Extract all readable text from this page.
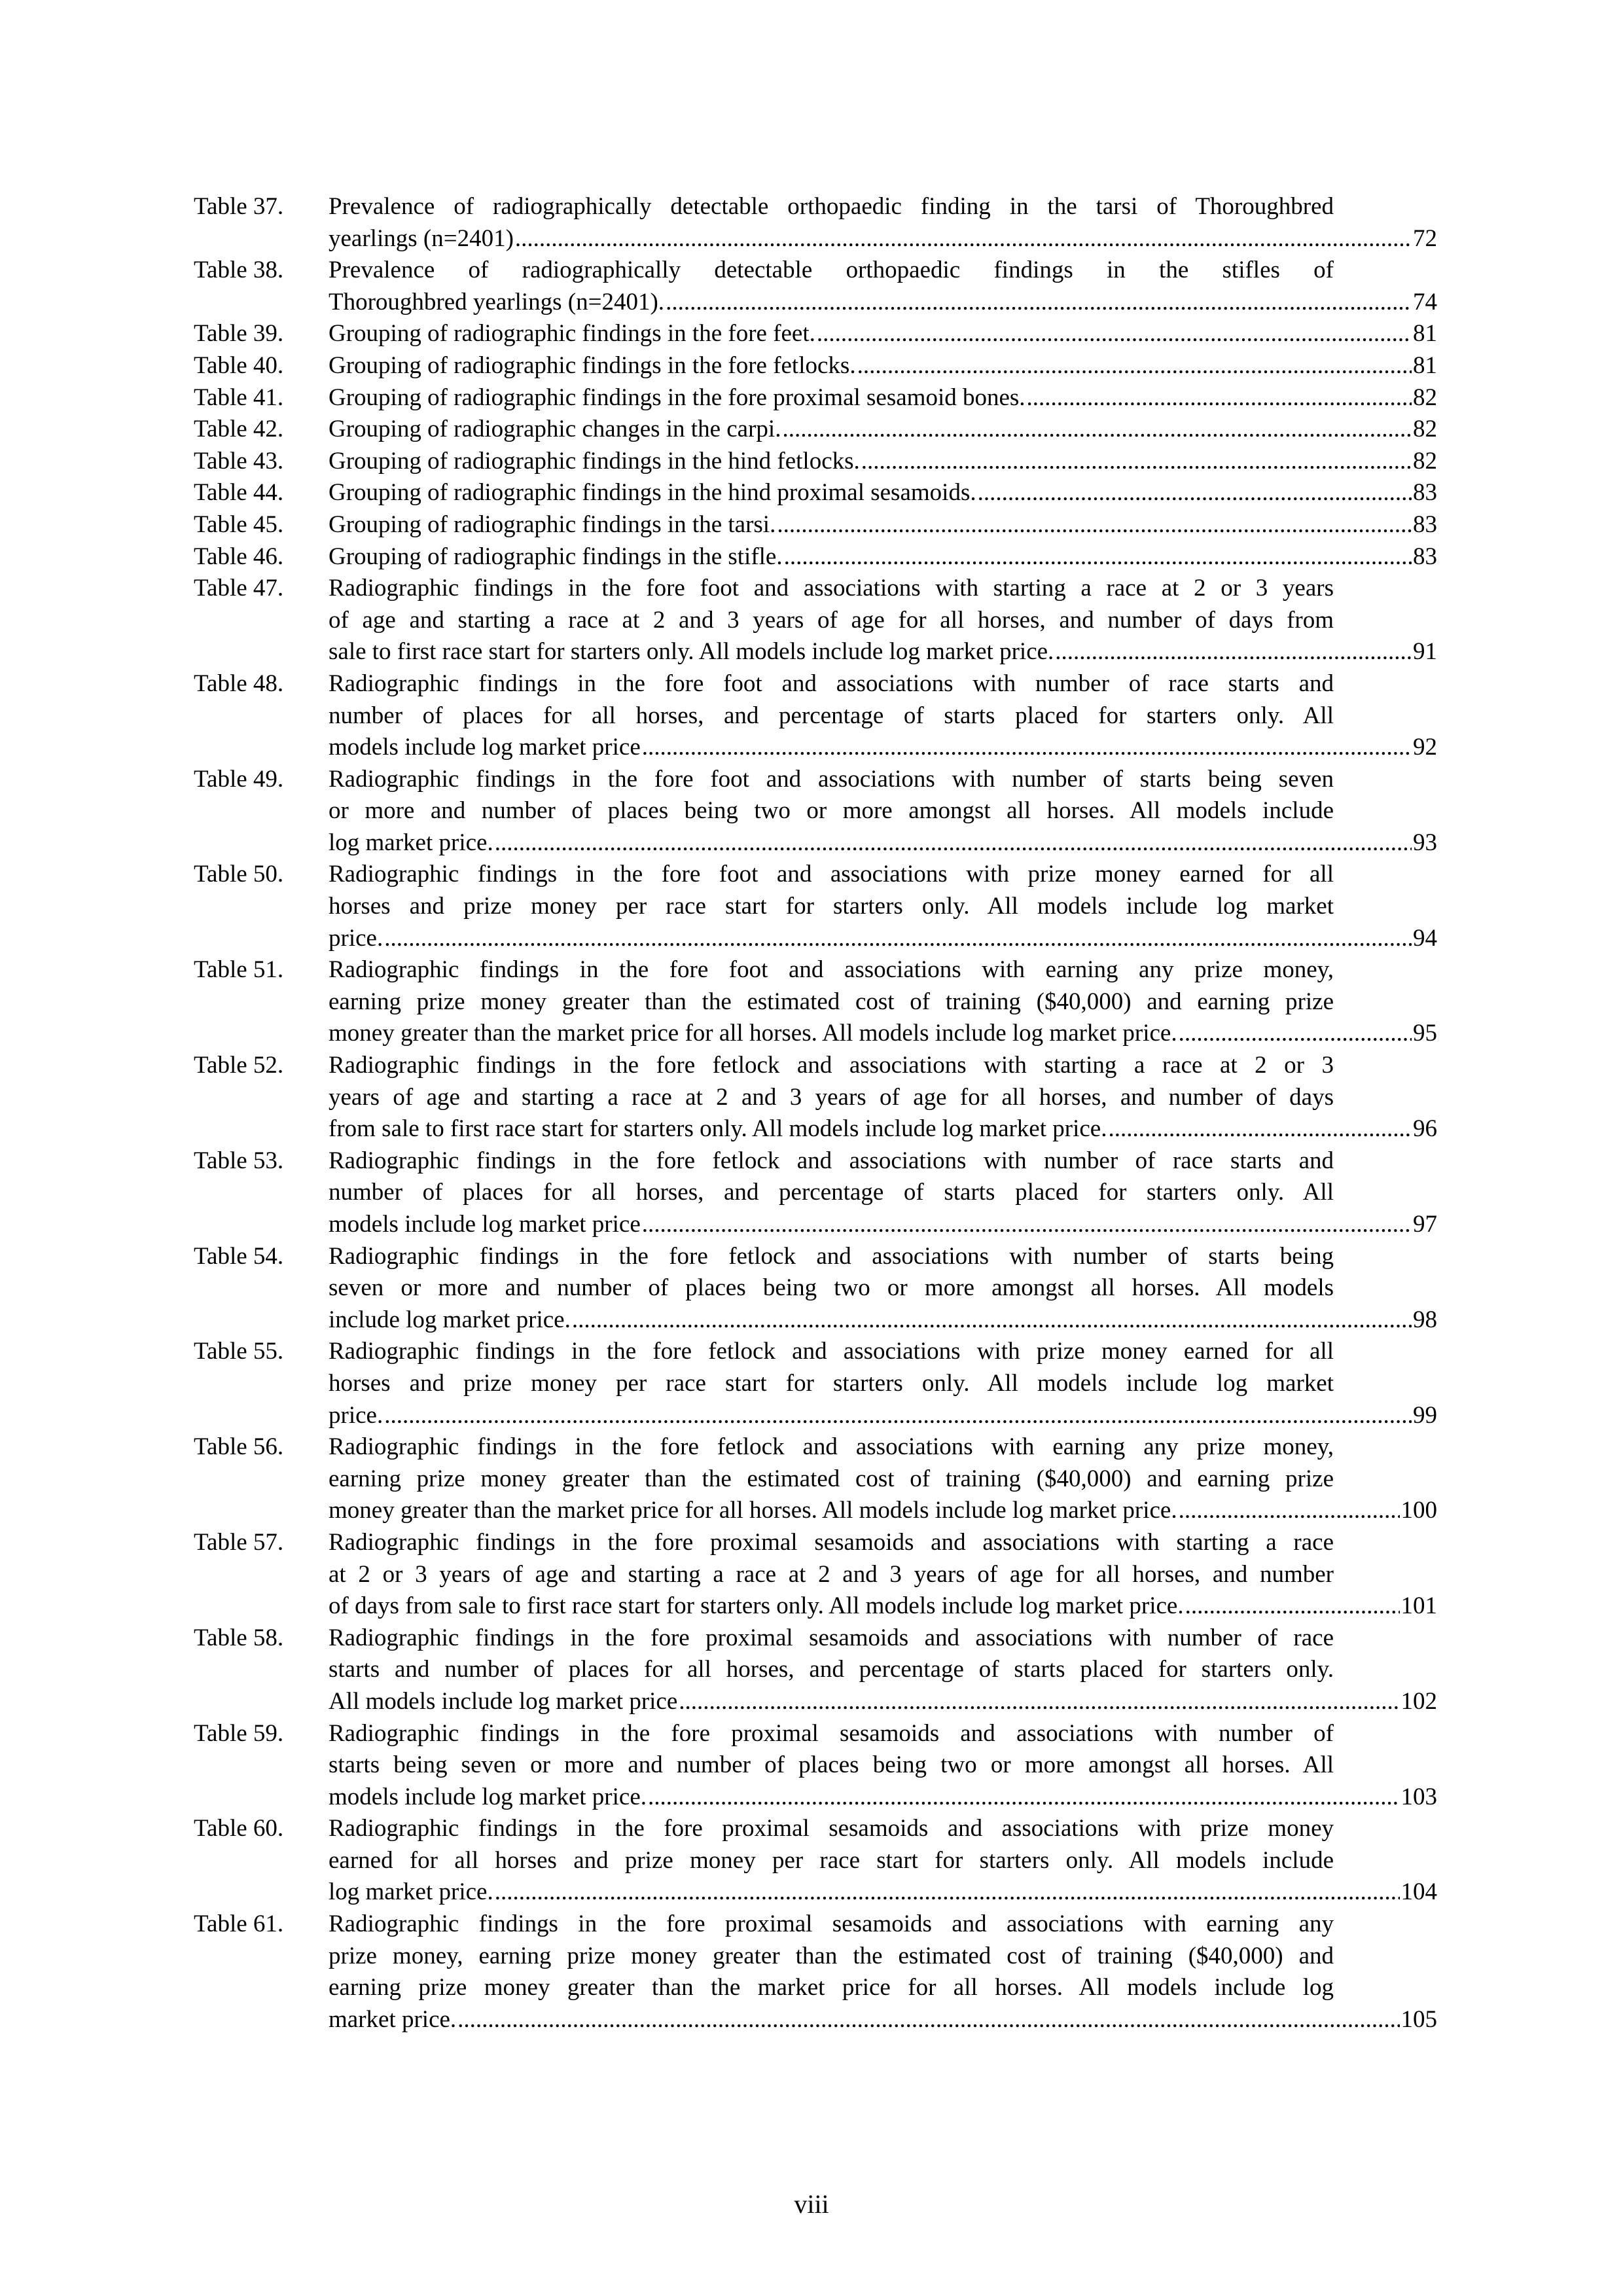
Table 37.	Prevalence of radiographically detectable orthopaedic finding in the tarsi of Thoroughbred
yearlings (n=2401) .....	72
Table 38.	Prevalence of radiographically detectable orthopaedic findings in the stifles of
Thoroughbred yearlings (n=2401). .....	74
Table 39.	Grouping of radiographic findings in the fore feet. .....	81
Table 40.	Grouping of radiographic findings in the fore fetlocks. .....	81
Table 41.	Grouping of radiographic findings in the fore proximal sesamoid bones. .....	82
Table 42.	Grouping of radiographic changes in the carpi. .....	82
Table 43.	Grouping of radiographic findings in the hind fetlocks. .....	82
Table 44.	Grouping of radiographic findings in the hind proximal sesamoids. .....	83
Table 45.	Grouping of radiographic findings in the tarsi. .....	83
Table 46.	Grouping of radiographic findings in the stifle. .....	83
Table 47.	Radiographic findings in the fore foot and associations with starting a race at 2 or 3 years
of age and starting a race at 2 and 3 years of age for all horses, and number of days from
sale to first race start for starters only. All models include log market price. .....	91
Table 48.	Radiographic findings in the fore foot and associations with number of race starts and
number of places for all horses, and percentage of starts placed for starters only. All
models include log market price .....	92
Table 49.	Radiographic findings in the fore foot and associations with number of starts being seven
or more and number of places being two or more amongst all horses. All models include
log market price. .....	93
Table 50.	Radiographic findings in the fore foot and associations with prize money earned for all
horses and prize money per race start for starters only. All models include log market
price. .....	94
Table 51.	Radiographic findings in the fore foot and associations with earning any prize money,
earning prize money greater than the estimated cost of training ($40,000) and earning prize
money greater than the market price for all horses. All models include log market price. .....	95
Table 52.	Radiographic findings in the fore fetlock and associations with starting a race at 2 or 3
years of age and starting a race at 2 and 3 years of age for all horses, and number of days
from sale to first race start for starters only. All models include log market price. .....	96
Table 53.	Radiographic findings in the fore fetlock and associations with number of race starts and
number of places for all horses, and percentage of starts placed for starters only. All
models include log market price .....	97
Table 54.	Radiographic findings in the fore fetlock and associations with number of starts being
seven or more and number of places being two or more amongst all horses. All models
include log market price. .....	98
Table 55.	Radiographic findings in the fore fetlock and associations with prize money earned for all
horses and prize money per race start for starters only. All models include log market
price. .....	99
Table 56.	Radiographic findings in the fore fetlock and associations with earning any prize money,
earning prize money greater than the estimated cost of training ($40,000) and earning prize
money greater than the market price for all horses. All models include log market price. .....	100
Table 57.	Radiographic findings in the fore proximal sesamoids and associations with starting a race
at 2 or 3 years of age and starting a race at 2 and 3 years of age for all horses, and number
of days from sale to first race start for starters only. All models include log market price. .....	101
Table 58.	Radiographic findings in the fore proximal sesamoids and associations with number of race
starts and number of places for all horses, and percentage of starts placed for starters only.
All models include log market price .....	102
Table 59.	Radiographic findings in the fore proximal sesamoids and associations with number of
starts being seven or more and number of places being two or more amongst all horses. All
models include log market price. .....	103
Table 60.	Radiographic findings in the fore proximal sesamoids and associations with prize money
earned for all horses and prize money per race start for starters only. All models include
log market price. .....	104
Table 61.	Radiographic findings in the fore proximal sesamoids and associations with earning any
prize money, earning prize money greater than the estimated cost of training ($40,000) and
earning prize money greater than the market price for all horses. All models include log
market price. .....	105
viii
